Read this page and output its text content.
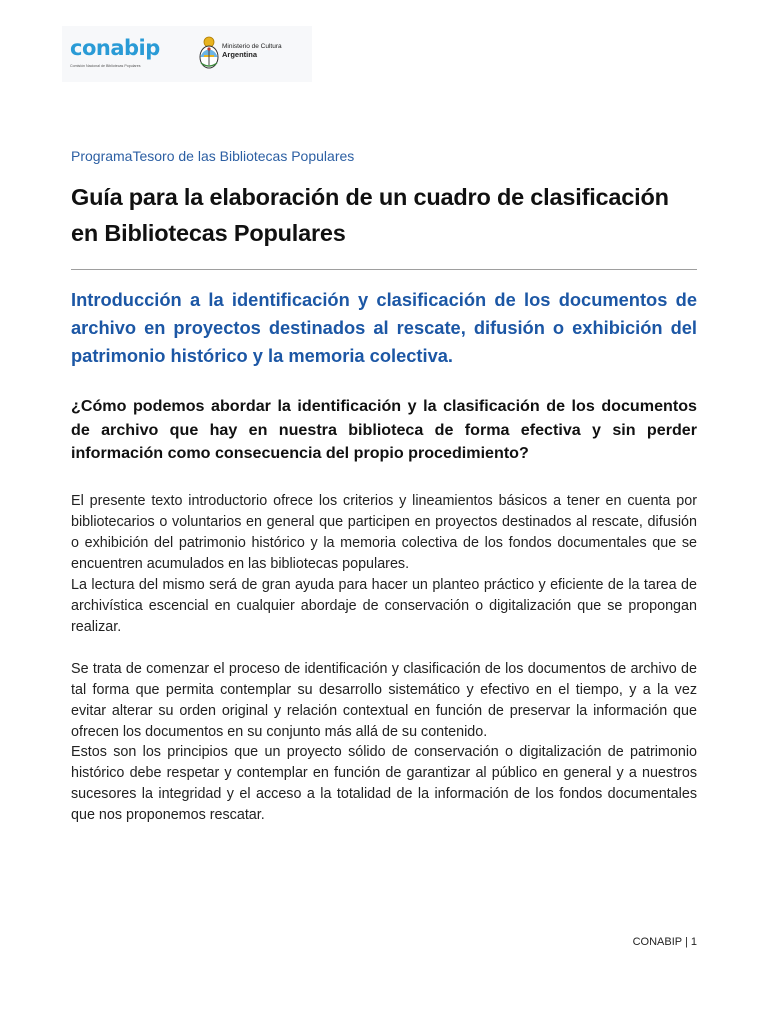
conabip
Comisión Nacional de Bibliotecas Populares
Ministerio de Cultura
Argentina
ProgramaTesoro de las Bibliotecas Populares
Guía para la elaboración de un cuadro de clasificación en Bibliotecas Populares
Introducción a la identificación y clasificación de los documentos de archivo en proyectos destinados al rescate, difusión o exhibición del patrimonio histórico y la memoria colectiva.

¿Cómo podemos abordar la identificación y la clasificación de los documentos de archivo que hay en nuestra biblioteca de forma efectiva y sin perder información como consecuencia del propio procedimiento?

El presente texto introductorio ofrece los criterios y lineamientos básicos a tener en cuenta por bibliotecarios o voluntarios en general que participen en proyectos destinados al rescate, difusión o exhibición del patrimonio histórico y la memoria colectiva de los fondos documentales que se encuentren acumulados en las bibliotecas populares.

La lectura del mismo será de gran ayuda para hacer un planteo práctico y eficiente de la tarea de archivística escencial en cualquier abordaje de conservación o digitalización que se propongan realizar.

Se trata de comenzar el proceso de identificación y clasificación de los documentos de archivo de tal forma que permita contemplar su desarrollo sistemático y efectivo en el tiempo, y a la vez evitar alterar su orden original y relación contextual en función de preservar la información que ofrecen los documentos en su conjunto más allá de su contenido.

Estos son los principios que un proyecto sólido de conservación o digitalización de patrimonio histórico debe respetar y contemplar en función de garantizar al público en general y a nuestros sucesores la integridad y el acceso a la totalidad de la información de los fondos documentales que nos proponemos rescatar.

CONABIP | 1
